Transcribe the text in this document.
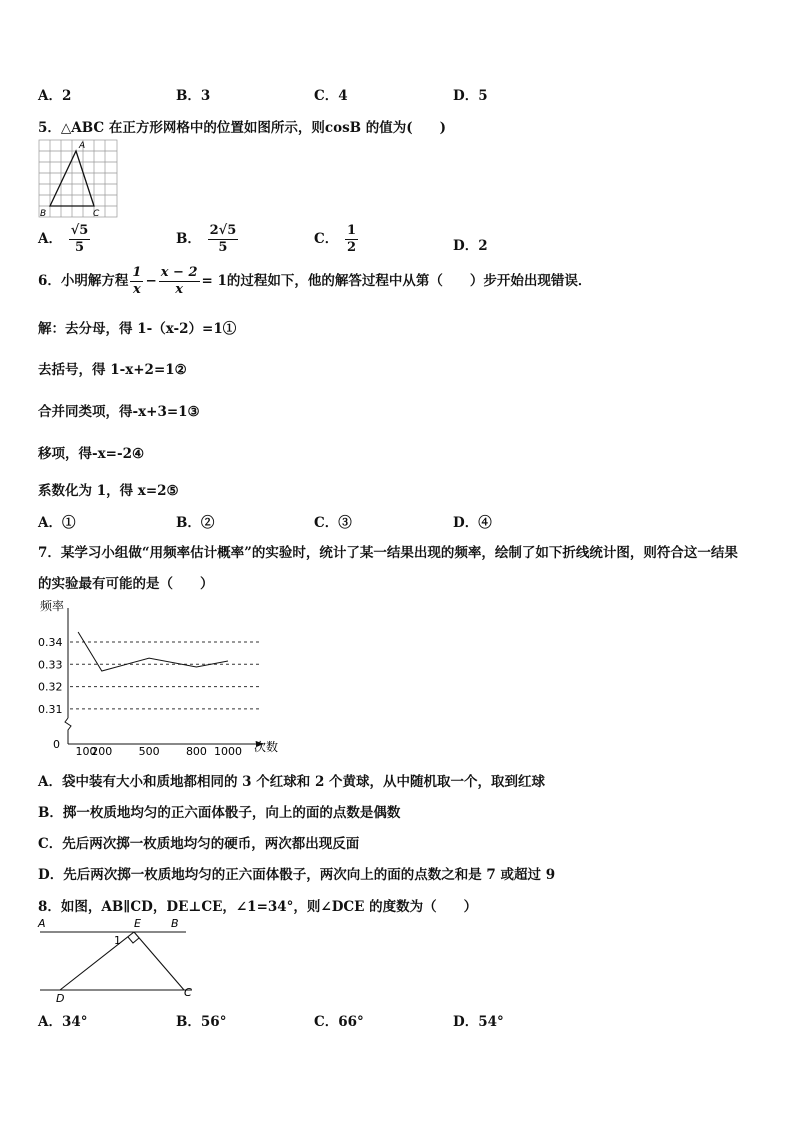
A．2	B．3	C．4	D．5
5．△ABC 在正方形网格中的位置如图所示，则cosB 的值为(　　)
A
B	C
A． $\frac{√5}{5}$	B． $\frac{2√5}{5}$	C． $\frac{1}{2}$	D．2
6．小明解方程 $\frac{1}{x} - \frac{x - 2}{x} = 1$的过程如下，他的解答过程中从第（　　）步开始出现错误．
解：去分母，得 1-（x-2）=1①
去括号，得 1-x+2=1②
合并同类项，得-x+3=1③
移项，得-x=-2④
系数化为 1，得 x=2⑤
A．①	B．②	C．③	D．④
7．某学习小组做“用频率估计概率”的实验时，统计了某一结果出现的频率，绘制了如下折线统计图，则符合这一结果
的实验最有可能的是（　　）
频率
次数
0
0.34
0.33
0.32
0.31
100
200 500 800 1000
A．袋中装有大小和质地都相同的 3 个红球和 2 个黄球，从中随机取一个，取到红球
B．掷一枚质地均匀的正六面体骰子，向上的面的点数是偶数
C．先后两次掷一枚质地均匀的硬币，两次都出现反面
D．先后两次掷一枚质地均匀的正六面体骰子，两次向上的面的点数之和是 7 或超过 9
8．如图，AB∥CD，DE⊥CE，∠1=34°，则∠DCE 的度数为（　　）
A	E	B
1
D	C
A．34°	B．56°	C．66°	D．54°
